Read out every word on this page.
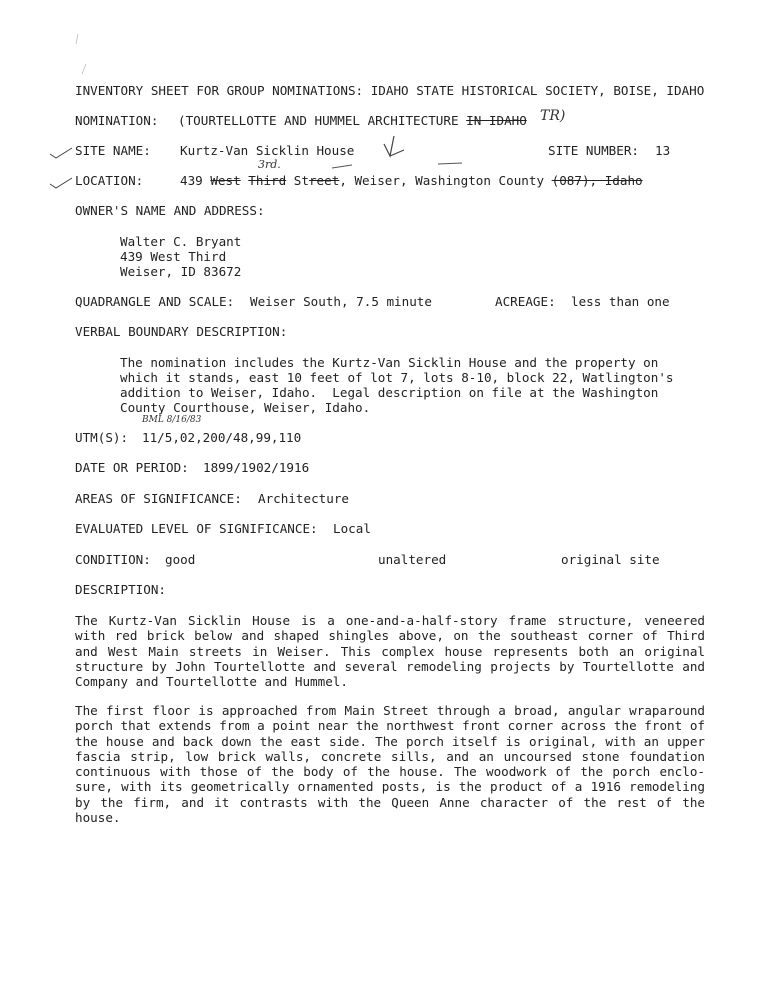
INVENTORY SHEET FOR GROUP NOMINATIONS: IDAHO STATE HISTORICAL SOCIETY, BOISE, IDAHO
NOMINATION: (TOURTELLOTTE AND HUMMEL ARCHITECTURE IN IDAHO TR)
SITE NAME: Kurtz-Van Sicklin House	SITE NUMBER: 13
3rd.
LOCATION:	439 West Third Street, Weiser, Washington County (087), Idaho
OWNER'S NAME AND ADDRESS:
Walter C. Bryant
439 West Third
Weiser, ID 83672
QUADRANGLE AND SCALE: Weiser South, 7.5 minute	ACREAGE: less than one
VERBAL BOUNDARY DESCRIPTION:
The nomination includes the Kurtz-Van Sicklin House and the property on
which it stands, east 10 feet of lot 7, lots 8-10, block 22, Watlington's
addition to Weiser, Idaho.  Legal description on file at the Washington
County Courthouse, Weiser, Idaho.
BML 8/16/83
UTM(S): 11/5,02,200/48,99,110
DATE OR PERIOD: 1899/1902/1916
AREAS OF SIGNIFICANCE: Architecture
EVALUATED LEVEL OF SIGNIFICANCE: Local
CONDITION: good	unaltered	original site
DESCRIPTION:

The Kurtz-Van Sicklin House is a one-and-a-half-story frame structure, veneered with red brick below and shaped shingles above, on the southeast corner of Third and West Main streets in Weiser. This complex house represents both an original structure by John Tourtellotte and several remodeling projects by Tourtellotte and Company and Tourtellotte and Hummel.

The first floor is approached from Main Street through a broad, angular wraparound porch that extends from a point near the northwest front corner across the front of the house and back down the east side. The porch itself is original, with an upper fascia strip, low brick walls, concrete sills, and an uncoursed stone foundation continuous with those of the body of the house. The woodwork of the porch enclo-sure, with its geometrically ornamented posts, is the product of a 1916 remodeling by the firm, and it contrasts with the Queen Anne character of the rest of the house.
